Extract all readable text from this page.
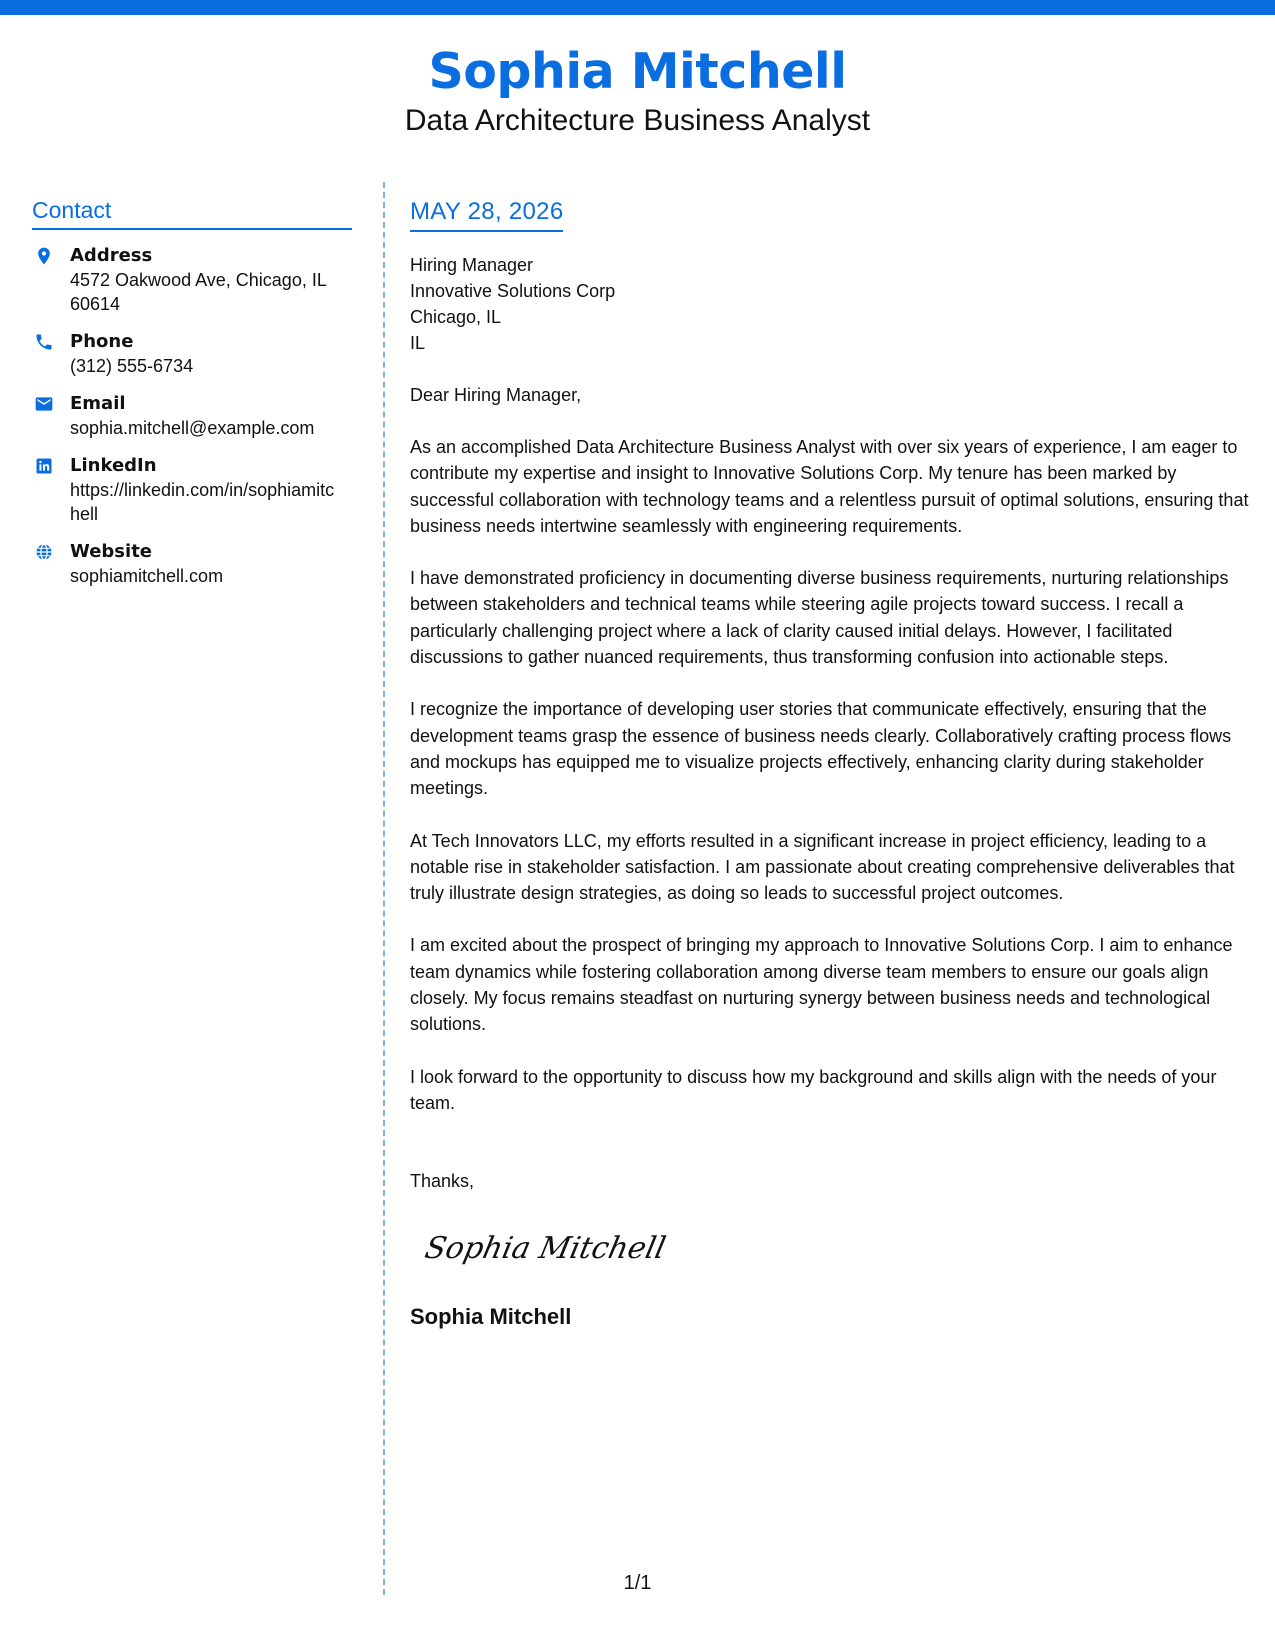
Sophia Mitchell
Data Architecture Business Analyst
Contact
Address
4572 Oakwood Ave, Chicago, IL 60614
Phone
(312) 555-6734
Email
sophia.mitchell@example.com
LinkedIn
https://linkedin.com/in/sophiamitchell
Website
sophiamitchell.com
MAY 28, 2026
Hiring Manager
Innovative Solutions Corp
Chicago, IL
IL
Dear Hiring Manager,
As an accomplished Data Architecture Business Analyst with over six years of experience, I am eager to contribute my expertise and insight to Innovative Solutions Corp. My tenure has been marked by successful collaboration with technology teams and a relentless pursuit of optimal solutions, ensuring that business needs intertwine seamlessly with engineering requirements.
I have demonstrated proficiency in documenting diverse business requirements, nurturing relationships between stakeholders and technical teams while steering agile projects toward success. I recall a particularly challenging project where a lack of clarity caused initial delays. However, I facilitated discussions to gather nuanced requirements, thus transforming confusion into actionable steps.
I recognize the importance of developing user stories that communicate effectively, ensuring that the development teams grasp the essence of business needs clearly. Collaboratively crafting process flows and mockups has equipped me to visualize projects effectively, enhancing clarity during stakeholder meetings.
At Tech Innovators LLC, my efforts resulted in a significant increase in project efficiency, leading to a notable rise in stakeholder satisfaction. I am passionate about creating comprehensive deliverables that truly illustrate design strategies, as doing so leads to successful project outcomes.
I am excited about the prospect of bringing my approach to Innovative Solutions Corp. I aim to enhance team dynamics while fostering collaboration among diverse team members to ensure our goals align closely. My focus remains steadfast on nurturing synergy between business needs and technological solutions.
I look forward to the opportunity to discuss how my background and skills align with the needs of your team.
Thanks,
Sophia Mitchell
Sophia Mitchell
1/1
